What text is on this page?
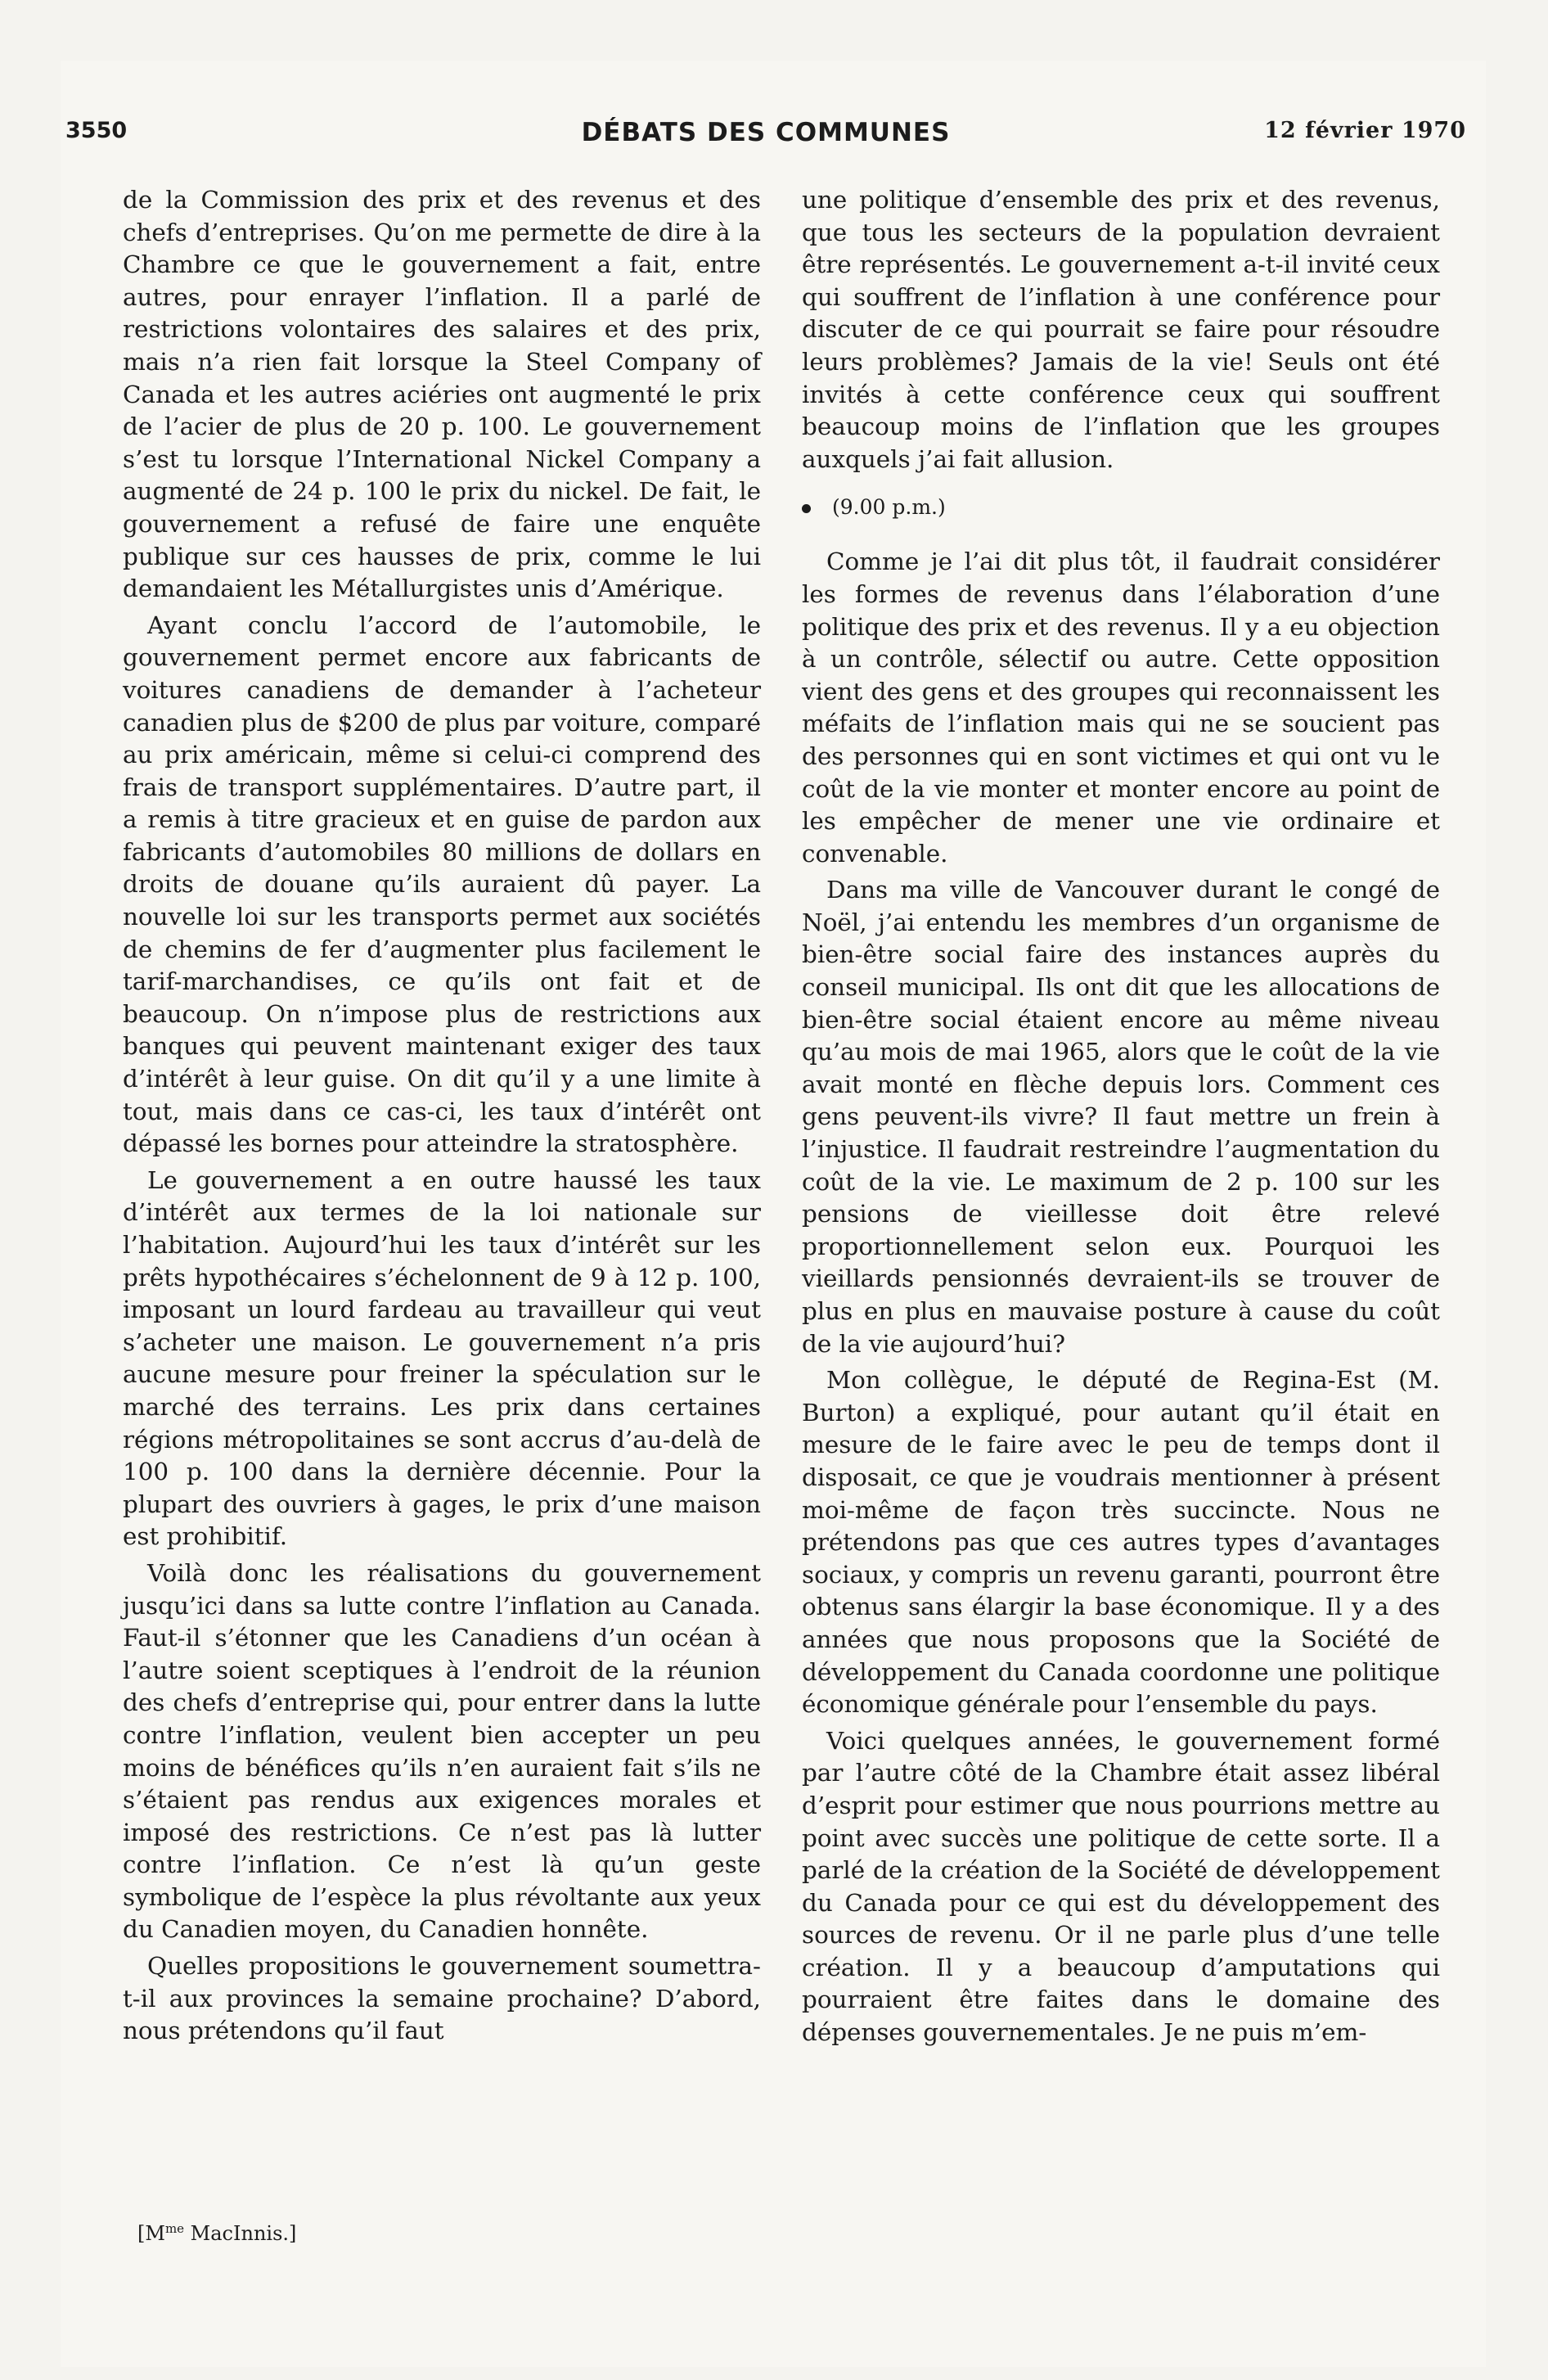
3550	DÉBATS DES COMMUNES	12 février 1970

de la Commission des prix et des revenus et des chefs d’entreprises. Qu’on me permette de dire à la Chambre ce que le gouvernement a fait, entre autres, pour enrayer l’inflation. Il a parlé de restrictions volontaires des salaires et des prix, mais n’a rien fait lorsque la Steel Company of Canada et les autres aciéries ont augmenté le prix de l’acier de plus de 20 p. 100. Le gouvernement s’est tu lorsque l’International Nickel Company a augmenté de 24 p. 100 le prix du nickel. De fait, le gouvernement a refusé de faire une enquête publique sur ces hausses de prix, comme le lui demandaient les Métallurgistes unis d’Amérique.

Ayant conclu l’accord de l’automobile, le gouvernement permet encore aux fabricants de voitures canadiens de demander à l’acheteur canadien plus de $200 de plus par voiture, comparé au prix américain, même si celui-ci comprend des frais de transport supplémentaires. D’autre part, il a remis à titre gracieux et en guise de pardon aux fabricants d’automobiles 80 millions de dollars en droits de douane qu’ils auraient dû payer. La nouvelle loi sur les transports permet aux sociétés de chemins de fer d’augmenter plus facilement le tarif-marchandises, ce qu’ils ont fait et de beaucoup. On n’impose plus de restrictions aux banques qui peuvent maintenant exiger des taux d’intérêt à leur guise. On dit qu’il y a une limite à tout, mais dans ce cas-ci, les taux d’intérêt ont dépassé les bornes pour atteindre la stratosphère.

Le gouvernement a en outre haussé les taux d’intérêt aux termes de la loi nationale sur l’habitation. Aujourd’hui les taux d’intérêt sur les prêts hypothécaires s’échelonnent de 9 à 12 p. 100, imposant un lourd fardeau au travailleur qui veut s’acheter une maison. Le gouvernement n’a pris aucune mesure pour freiner la spéculation sur le marché des terrains. Les prix dans certaines régions métropolitaines se sont accrus d’au-delà de 100 p. 100 dans la dernière décennie. Pour la plupart des ouvriers à gages, le prix d’une maison est prohibitif.

Voilà donc les réalisations du gouvernement jusqu’ici dans sa lutte contre l’inflation au Canada. Faut-il s’étonner que les Canadiens d’un océan à l’autre soient sceptiques à l’endroit de la réunion des chefs d’entreprise qui, pour entrer dans la lutte contre l’inflation, veulent bien accepter un peu moins de bénéfices qu’ils n’en auraient fait s’ils ne s’étaient pas rendus aux exigences morales et imposé des restrictions. Ce n’est pas là lutter contre l’inflation. Ce n’est là qu’un geste symbolique de l’espèce la plus révoltante aux yeux du Canadien moyen, du Canadien honnête.

Quelles propositions le gouvernement soumettra-t-il aux provinces la semaine prochaine? D’abord, nous prétendons qu’il faut

[$M^{me}$ MacInnis.]

une politique d’ensemble des prix et des revenus, que tous les secteurs de la population devraient être représentés. Le gouvernement a-t-il invité ceux qui souffrent de l’inflation à une conférence pour discuter de ce qui pourrait se faire pour résoudre leurs problèmes? Jamais de la vie! Seuls ont été invités à cette conférence ceux qui souffrent beaucoup moins de l’inflation que les groupes auxquels j’ai fait allusion.

(9.00 p.m.)

Comme je l’ai dit plus tôt, il faudrait considérer les formes de revenus dans l’élaboration d’une politique des prix et des revenus. Il y a eu objection à un contrôle, sélectif ou autre. Cette opposition vient des gens et des groupes qui reconnaissent les méfaits de l’inflation mais qui ne se soucient pas des personnes qui en sont victimes et qui ont vu le coût de la vie monter et monter encore au point de les empêcher de mener une vie ordinaire et convenable.

Dans ma ville de Vancouver durant le congé de Noël, j’ai entendu les membres d’un organisme de bien-être social faire des instances auprès du conseil municipal. Ils ont dit que les allocations de bien-être social étaient encore au même niveau qu’au mois de mai 1965, alors que le coût de la vie avait monté en flèche depuis lors. Comment ces gens peuvent-ils vivre? Il faut mettre un frein à l’injustice. Il faudrait restreindre l’augmentation du coût de la vie. Le maximum de 2 p. 100 sur les pensions de vieillesse doit être relevé proportionnellement selon eux. Pourquoi les vieillards pensionnés devraient-ils se trouver de plus en plus en mauvaise posture à cause du coût de la vie aujourd’hui?

Mon collègue, le député de Regina-Est (M. Burton) a expliqué, pour autant qu’il était en mesure de le faire avec le peu de temps dont il disposait, ce que je voudrais mentionner à présent moi-même de façon très succincte. Nous ne prétendons pas que ces autres types d’avantages sociaux, y compris un revenu garanti, pourront être obtenus sans élargir la base économique. Il y a des années que nous proposons que la Société de développement du Canada coordonne une politique économique générale pour l’ensemble du pays.

Voici quelques années, le gouvernement formé par l’autre côté de la Chambre était assez libéral d’esprit pour estimer que nous pourrions mettre au point avec succès une politique de cette sorte. Il a parlé de la création de la Société de développement du Canada pour ce qui est du développement des sources de revenu. Or il ne parle plus d’une telle création. Il y a beaucoup d’amputations qui pourraient être faites dans le domaine des dépenses gouvernementales. Je ne puis m’em-
